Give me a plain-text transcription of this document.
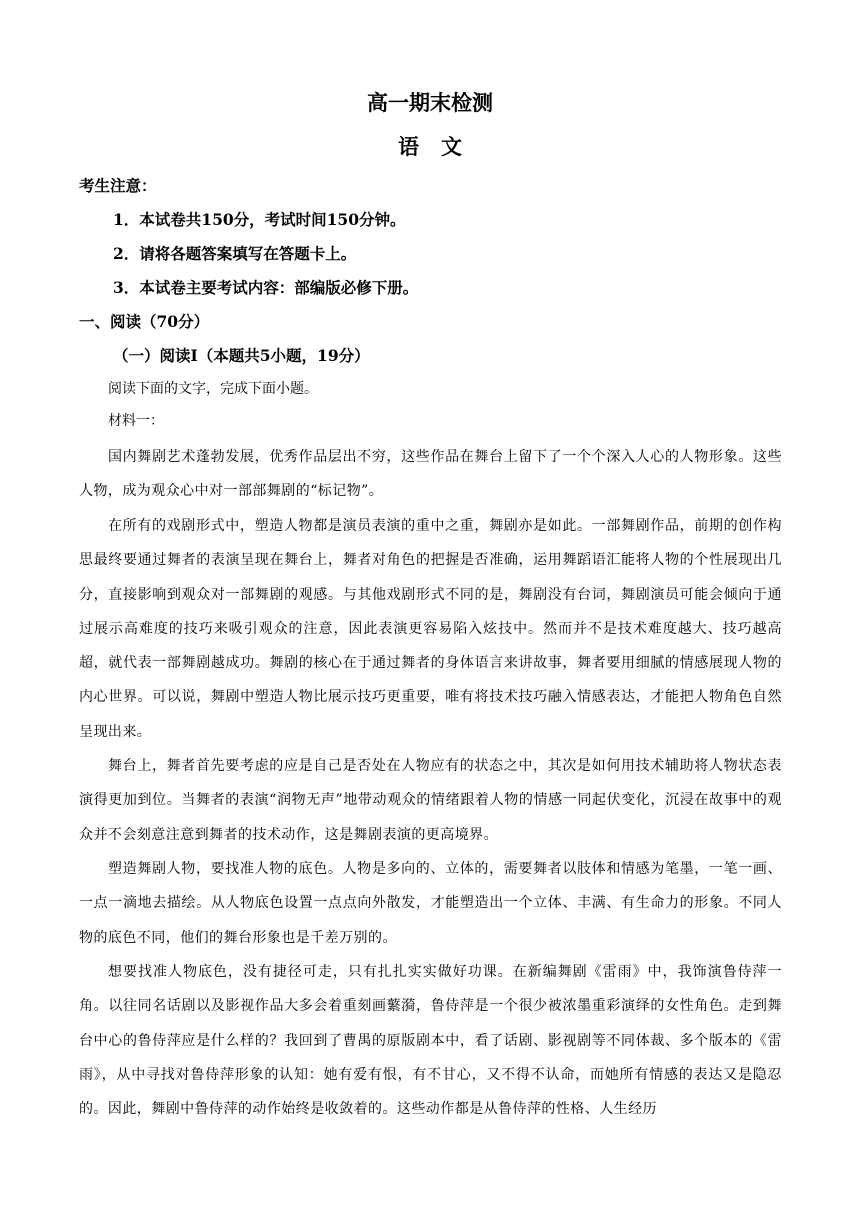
高一期末检测
语 文
考生注意：
1．本试卷共150分，考试时间150分钟。
2．请将各题答案填写在答题卡上。
3．本试卷主要考试内容：部编版必修下册。
一、阅读（70分）
（一）阅读Ⅰ（本题共5小题，19分）
阅读下面的文字，完成下面小题。
材料一：

国内舞剧艺术蓬勃发展，优秀作品层出不穷，这些作品在舞台上留下了一个个深入人心的人物形象。这些人物，成为观众心中对一部部舞剧的“标记物”。

在所有的戏剧形式中，塑造人物都是演员表演的重中之重，舞剧亦是如此。一部舞剧作品，前期的创作构思最终要通过舞者的表演呈现在舞台上，舞者对角色的把握是否准确，运用舞蹈语汇能将人物的个性展现出几分，直接影响到观众对一部舞剧的观感。与其他戏剧形式不同的是，舞剧没有台词，舞剧演员可能会倾向于通过展示高难度的技巧来吸引观众的注意，因此表演更容易陷入炫技中。然而并不是技术难度越大、技巧越高超，就代表一部舞剧越成功。舞剧的核心在于通过舞者的身体语言来讲故事，舞者要用细腻的情感展现人物的内心世界。可以说，舞剧中塑造人物比展示技巧更重要，唯有将技术技巧融入情感表达，才能把人物角色自然呈现出来。

舞台上，舞者首先要考虑的应是自己是否处在人物应有的状态之中，其次是如何用技术辅助将人物状态表演得更加到位。当舞者的表演“润物无声”地带动观众的情绪跟着人物的情感一同起伏变化，沉浸在故事中的观众并不会刻意注意到舞者的技术动作，这是舞剧表演的更高境界。

塑造舞剧人物，要找准人物的底色。人物是多向的、立体的，需要舞者以肢体和情感为笔墨，一笔一画、一点一滴地去描绘。从人物底色设置一点点向外散发，才能塑造出一个立体、丰满、有生命力的形象。不同人物的底色不同，他们的舞台形象也是千差万别的。

想要找准人物底色，没有捷径可走，只有扎扎实实做好功课。在新编舞剧《雷雨》中，我饰演鲁侍萍一角。以往同名话剧以及影视作品大多会着重刻画蘩漪，鲁侍萍是一个很少被浓墨重彩演绎的女性角色。走到舞台中心的鲁侍萍应是什么样的？我回到了曹禺的原版剧本中，看了话剧、影视剧等不同体裁、多个版本的《雷雨》，从中寻找对鲁侍萍形象的认知：她有爱有恨，有不甘心，又不得不认命，而她所有情感的表达又是隐忍的。因此，舞剧中鲁侍萍的动作始终是收敛着的。这些动作都是从鲁侍萍的性格、人生经历
